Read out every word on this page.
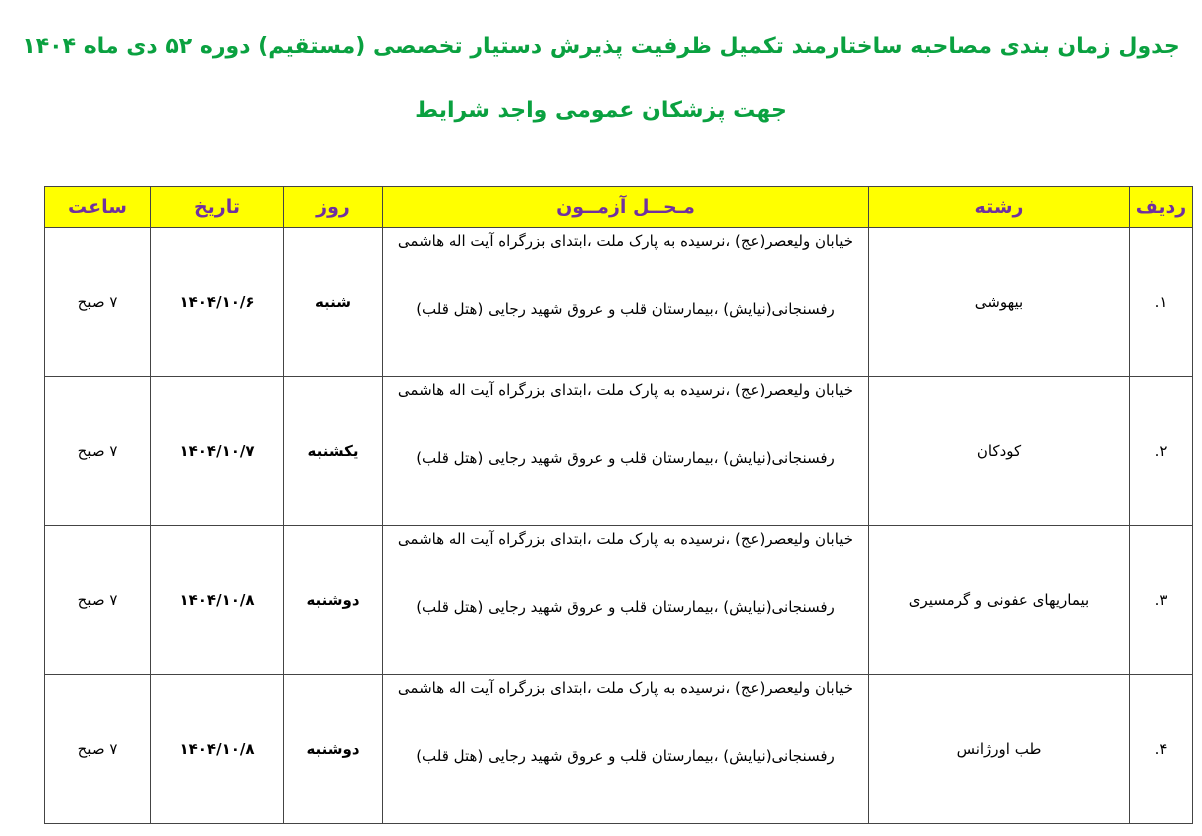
جدول زمان بندی مصاحبه ساختارمند تکمیل ظرفیت پذیرش دستیار تخصصی (مستقیم) دوره ۵۲ دی ماه ۱۴۰۴
جهت پزشکان عمومی واجد شرایط
ردیف	رشته	مـحــل آزمــون	روز	تاریخ	ساعت
۱.	بیهوشی	خیابان ولیعصر(عج) ،نرسیده به پارک ملت ،ابتدای بزرگراه آیت اله هاشمی
رفسنجانی(نیایش) ،بیمارستان قلب و عروق شهید رجایی (هتل قلب)	شنبه	۱۴۰۴/۱۰/۶	۷ صبح
۲.	کودکان	خیابان ولیعصر(عج) ،نرسیده به پارک ملت ،ابتدای بزرگراه آیت اله هاشمی
رفسنجانی(نیایش) ،بیمارستان قلب و عروق شهید رجایی (هتل قلب)	یکشنبه	۱۴۰۴/۱۰/۷	۷ صبح
۳.	بیماریهای عفونی و گرمسیری	خیابان ولیعصر(عج) ،نرسیده به پارک ملت ،ابتدای بزرگراه آیت اله هاشمی
رفسنجانی(نیایش) ،بیمارستان قلب و عروق شهید رجایی (هتل قلب)	دوشنبه	۱۴۰۴/۱۰/۸	۷ صبح
۴.	طب اورژانس	خیابان ولیعصر(عج) ،نرسیده به پارک ملت ،ابتدای بزرگراه آیت اله هاشمی
رفسنجانی(نیایش) ،بیمارستان قلب و عروق شهید رجایی (هتل قلب)	دوشنبه	۱۴۰۴/۱۰/۸	۷ صبح
